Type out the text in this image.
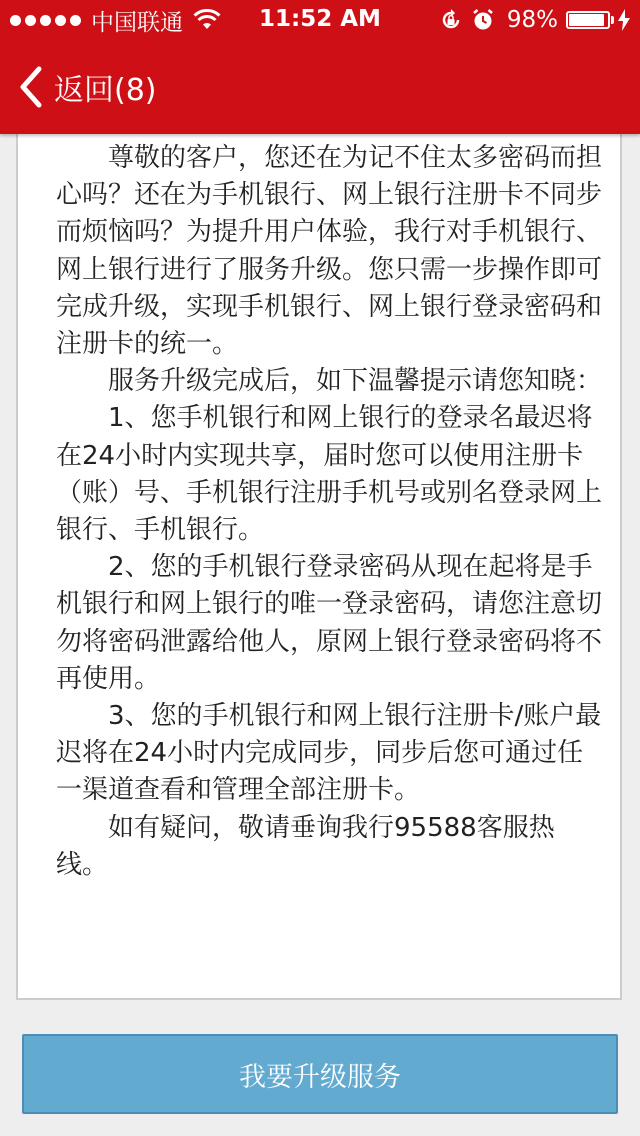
中国联通	11:52 AM	98%
返回(8)

尊敬的客户，您还在为记不住太多密码而担心吗？还在为手机银行、网上银行注册卡不同步而烦恼吗？为提升用户体验，我行对手机银行、网上银行进行了服务升级。您只需一步操作即可完成升级，实现手机银行、网上银行登录密码和注册卡的统一。

服务升级完成后，如下温馨提示请您知晓：

1、您手机银行和网上银行的登录名最迟将在24小时内实现共享，届时您可以使用注册卡（账）号、手机银行注册手机号或别名登录网上银行、手机银行。

2、您的手机银行登录密码从现在起将是手机银行和网上银行的唯一登录密码，请您注意切勿将密码泄露给他人，原网上银行登录密码将不再使用。

3、您的手机银行和网上银行注册卡/账户最迟将在24小时内完成同步，同步后您可通过任一渠道查看和管理全部注册卡。

如有疑问，敬请垂询我行95588客服热线。

我要升级服务
